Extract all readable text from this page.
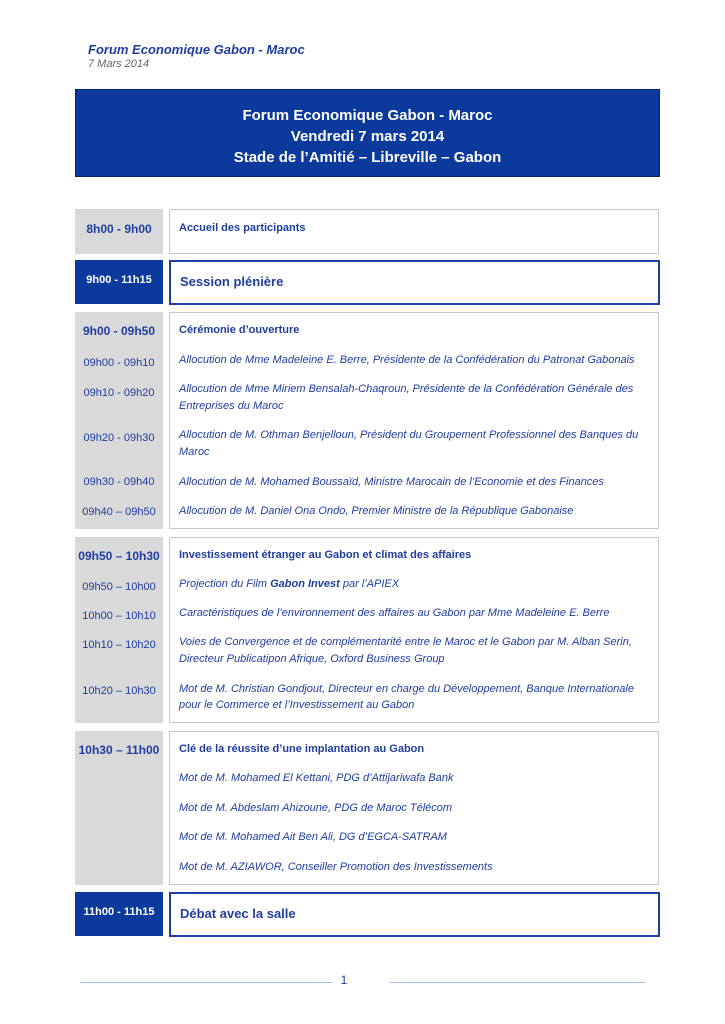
Forum Economique Gabon - Maroc
7 Mars 2014
Forum Economique Gabon - Maroc
Vendredi 7 mars 2014
Stade de l’Amitié – Libreville – Gabon
8h00 - 9h00	Accueil des participants
9h00 - 11h15	Session plénière
9h00 - 09h50	Cérémonie d’ouverture
09h00 - 09h10	Allocution de Mme Madeleine E. Berre, Présidente de la Confédération du Patronat Gabonais
09h10 - 09h20	Allocution de Mme Miriem Bensalah-Chaqroun, Présidente de la Confédération Générale des
Entreprises du Maroc
09h20 - 09h30	Allocution de M. Othman Benjelloun, Président du Groupement Professionnel des Banques du
Maroc
09h30 - 09h40	Allocution de M. Mohamed Boussaïd, Ministre Marocain de l’Economie et des Finances
09h40 – 09h50	Allocution de M. Daniel Ona Ondo, Premier Ministre de la République Gabonaise
09h50 – 10h30 Investissement étranger au Gabon et climat des affaires
09h50 – 10h00	Projection du Film Gabon Invest par l’APIEX
10h00 – 10h10	Caractéristiques de l’environnement des affaires au Gabon par Mme Madeleine E. Berre
10h10 – 10h20	Voies de Convergence et de complémentarité entre le Maroc et le Gabon par M. Alban Serin,
Directeur Publicatipon Afrique, Oxford Business Group
10h20 – 10h30	Mot de M. Christian Gondjout, Directeur en charge du Développement, Banque Internationale
pour le Commerce et l’Investissement au Gabon
10h30 – 11h00	Clé de la réussite d’une implantation au Gabon
Mot de M. Mohamed El Kettani, PDG d’Attijariwafa Bank
Mot de M. Abdeslam Ahizoune, PDG de Maroc Télécom
Mot de M. Mohamed Ait Ben Ali, DG d’EGCA-SATRAM
Mot de M. AZIAWOR, Conseiller Promotion des Investissements
11h00 - 11h15	Débat avec la salle
1
